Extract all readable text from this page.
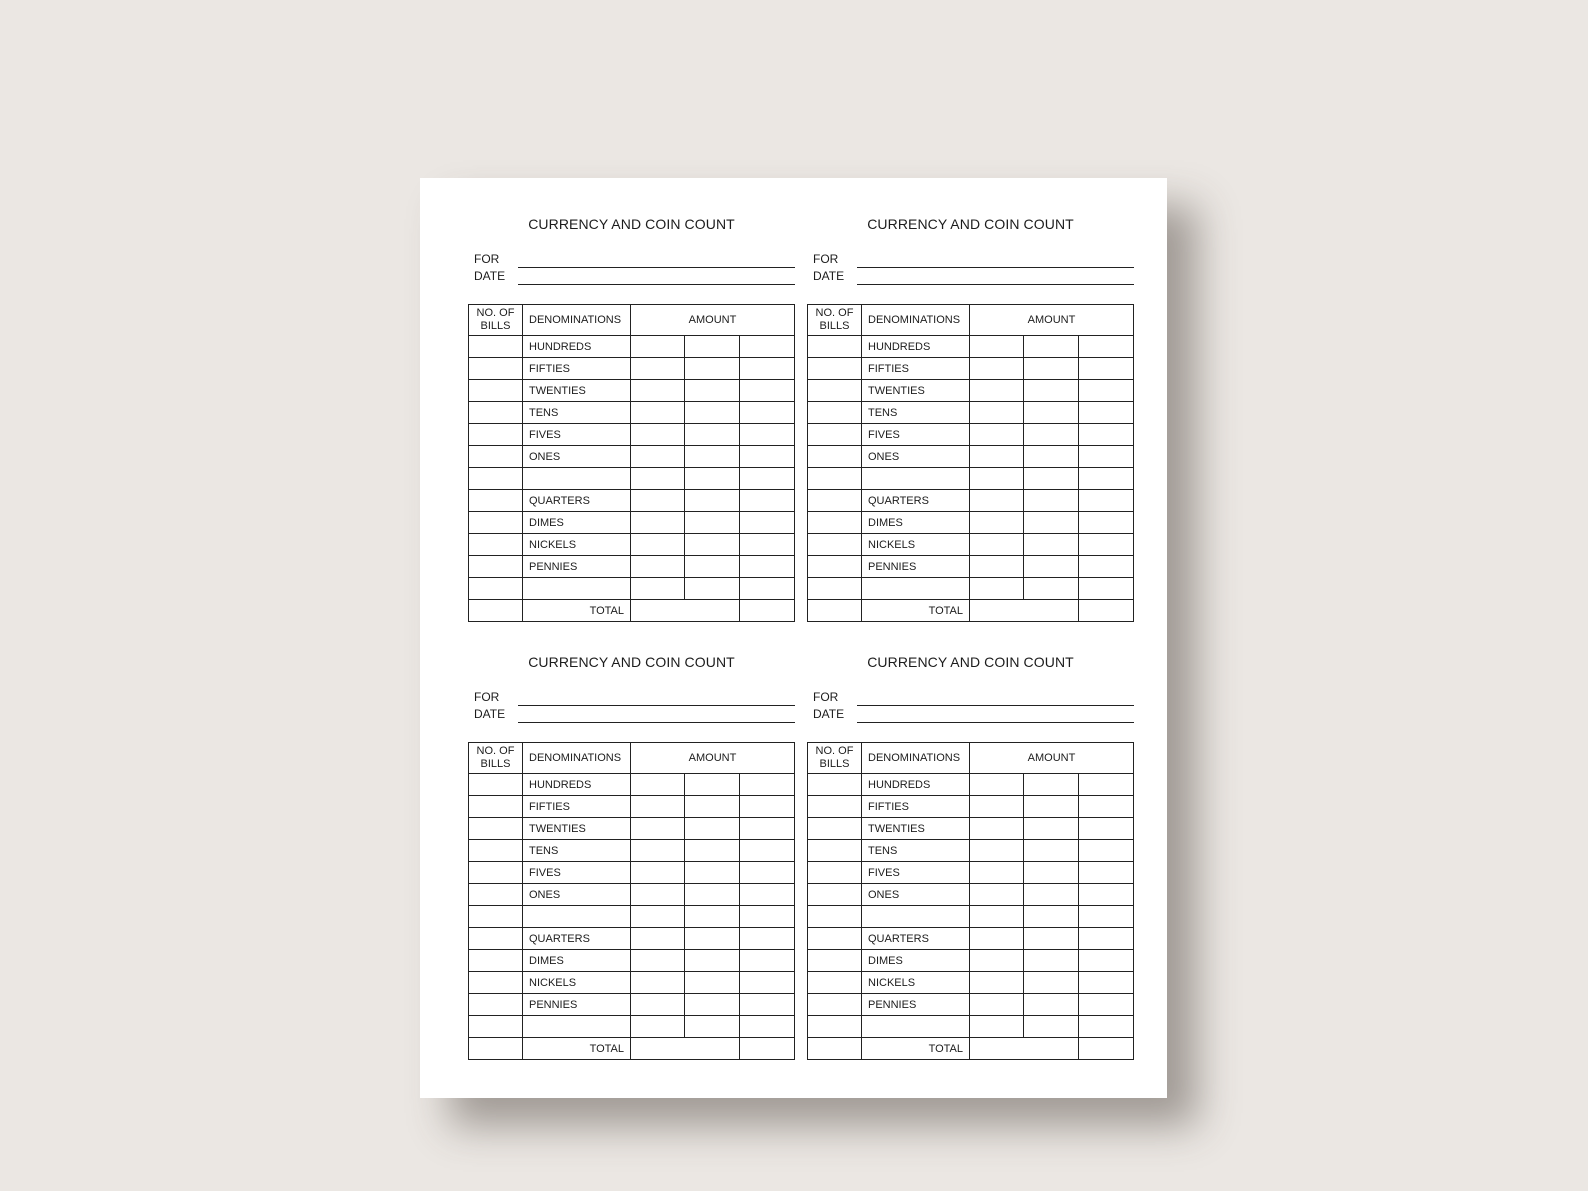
CURRENCY AND COIN COUNT
FOR
DATE
NO. OF BILLS	DENOMINATIONS	AMOUNT		
	HUNDREDS			
	FIFTIES			
	TWENTIES			
	TENS			
	FIVES			
	ONES			

	QUARTERS			
	DIMES			
	NICKELS			
	PENNIES			

	TOTAL			
CURRENCY AND COIN COUNT
FOR
DATE
NO. OF BILLS	DENOMINATIONS	AMOUNT		
	HUNDREDS			
	FIFTIES			
	TWENTIES			
	TENS			
	FIVES			
	ONES			

	QUARTERS			
	DIMES			
	NICKELS			
	PENNIES			

	TOTAL			
CURRENCY AND COIN COUNT
FOR
DATE
NO. OF BILLS	DENOMINATIONS	AMOUNT		
	HUNDREDS			
	FIFTIES			
	TWENTIES			
	TENS			
	FIVES			
	ONES			

	QUARTERS			
	DIMES			
	NICKELS			
	PENNIES			

	TOTAL			
CURRENCY AND COIN COUNT
FOR
DATE
NO. OF BILLS	DENOMINATIONS	AMOUNT		
	HUNDREDS			
	FIFTIES			
	TWENTIES			
	TENS			
	FIVES			
	ONES			

	QUARTERS			
	DIMES			
	NICKELS			
	PENNIES			

	TOTAL			
